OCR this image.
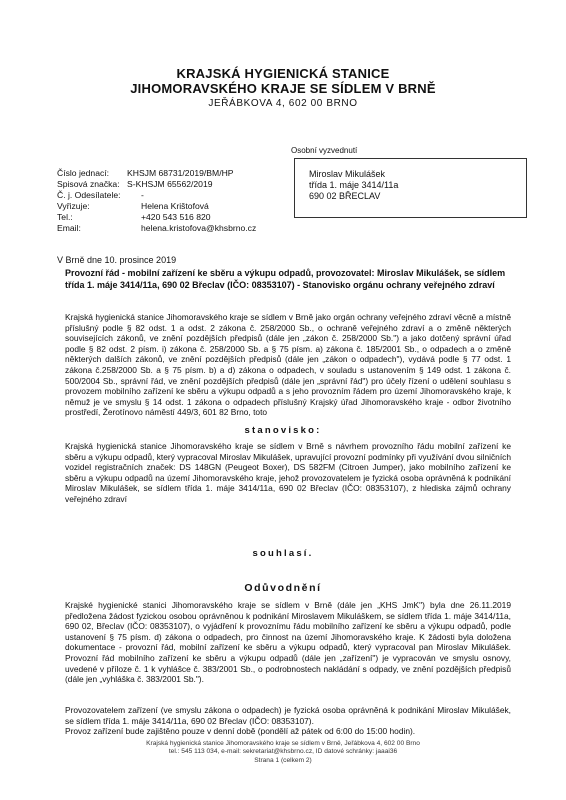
KRAJSKÁ HYGIENICKÁ STANICE
JIHOMORAVSKÉHO KRAJE SE SÍDLEM V BRNĚ
JEŘÁBKOVA 4, 602 00 BRNO
Osobní vyzvednutí
Miroslav Mikulášek
třída 1. máje 3414/11a
690 02 BŘECLAV
Číslo jednací: KHSJM 68731/2019/BM/HP
Spisová značka: S-KHSJM 65562/2019
Č. j. Odesílatele: -
Vyřizuje:	Helena Krištofová
Tel.:	+420 543 516 820
Email:	helena.kristofova@khsbrno.cz
V Brně dne 10. prosince 2019
Provozní řád - mobilní zařízení ke sběru a výkupu odpadů, provozovatel: Miroslav Mikulášek, se sídlem třída 1. máje 3414/11a, 690 02 Břeclav (IČO: 08353107) - Stanovisko orgánu ochrany veřejného zdraví
Krajská hygienická stanice Jihomoravského kraje se sídlem v Brně jako orgán ochrany veřejného zdraví věcně a místně příslušný podle § 82 odst. 1 a odst. 2 zákona č. 258/2000 Sb., o ochraně veřejného zdraví a o změně některých souvisejících zákonů, ve znění pozdějších předpisů (dále jen „zákon č. 258/2000 Sb.") a jako dotčený správní úřad podle § 82 odst. 2 písm. i) zákona č. 258/2000 Sb. a § 75 písm. a) zákona č. 185/2001 Sb., o odpadech a o změně některých dalších zákonů, ve znění pozdějších předpisů (dále jen „zákon o odpadech"), vydává podle § 77 odst. 1 zákona č.258/2000 Sb. a § 75 písm. b) a d) zákona o odpadech, v souladu s ustanovením § 149 odst. 1 zákona č. 500/2004 Sb., správní řád, ve znění pozdějších předpisů (dále jen „správní řád") pro účely řízení o udělení souhlasu s provozem mobilního zařízení ke sběru a výkupu odpadů a s jeho provozním řádem pro území Jihomoravského kraje, k němuž je ve smyslu § 14 odst. 1 zákona o odpadech příslušný Krajský úřad Jihomoravského kraje - odbor životního prostředí, Žerotínovo náměstí 449/3, 601 82 Brno, toto
stanovisko:
Krajská hygienická stanice Jihomoravského kraje se sídlem v Brně s návrhem provozního řádu mobilní zařízení ke sběru a výkupu odpadů, který vypracoval Miroslav Mikulášek, upravující provozní podmínky při využívání dvou silničních vozidel registračních značek: DS 148GN (Peugeot Boxer), DS 582FM (Citroen Jumper), jako mobilního zařízení ke sběru a výkupu odpadů na území Jihomoravského kraje, jehož provozovatelem je fyzická osoba oprávněná k podnikání Miroslav Mikulášek, se sídlem třída 1. máje 3414/11a, 690 02 Břeclav (IČO: 08353107), z hlediska zájmů ochrany veřejného zdraví
souhlasí.
Odůvodnění
Krajské hygienické stanici Jihomoravského kraje se sídlem v Brně (dále jen „KHS JmK") byla dne 26.11.2019 předložena žádost fyzickou osobou oprávněnou k podnikání Miroslavem Mikuláškem, se sídlem třída 1. máje 3414/11a, 690 02, Břeclav (IČO: 08353107), o vyjádření k provoznímu řádu mobilního zařízení ke sběru a výkupu odpadů, podle ustanovení § 75 písm. d) zákona o odpadech, pro činnost na území Jihomoravského kraje. K žádosti byla doložena dokumentace - provozní řád, mobilní zařízení ke sběru a výkupu odpadů, který vypracoval pan Miroslav Mikulášek. Provozní řád mobilního zařízení ke sběru a výkupu odpadů (dále jen „zařízení") je vypracován ve smyslu osnovy, uvedené v příloze č. 1 k vyhlášce č. 383/2001 Sb., o podrobnostech nakládání s odpady, ve znění pozdějších předpisů (dále jen „vyhláška č. 383/2001 Sb.").
Provozovatelem zařízení (ve smyslu zákona o odpadech) je fyzická osoba oprávněná k podnikání Miroslav Mikulášek, se sídlem třída 1. máje 3414/11a, 690 02 Břeclav (IČO: 08353107).
Provoz zařízení bude zajištěno pouze v denní době (pondělí až pátek od 6:00 do 15:00 hodin).
Krajská hygienická stanice Jihomoravského kraje se sídlem v Brně, Jeřábkova 4, 602 00 Brno
tel.: 545 113 034, e-mail: sekretariat@khsbrno.cz, ID datové schránky: jaaai36
Strana 1 (celkem 2)
